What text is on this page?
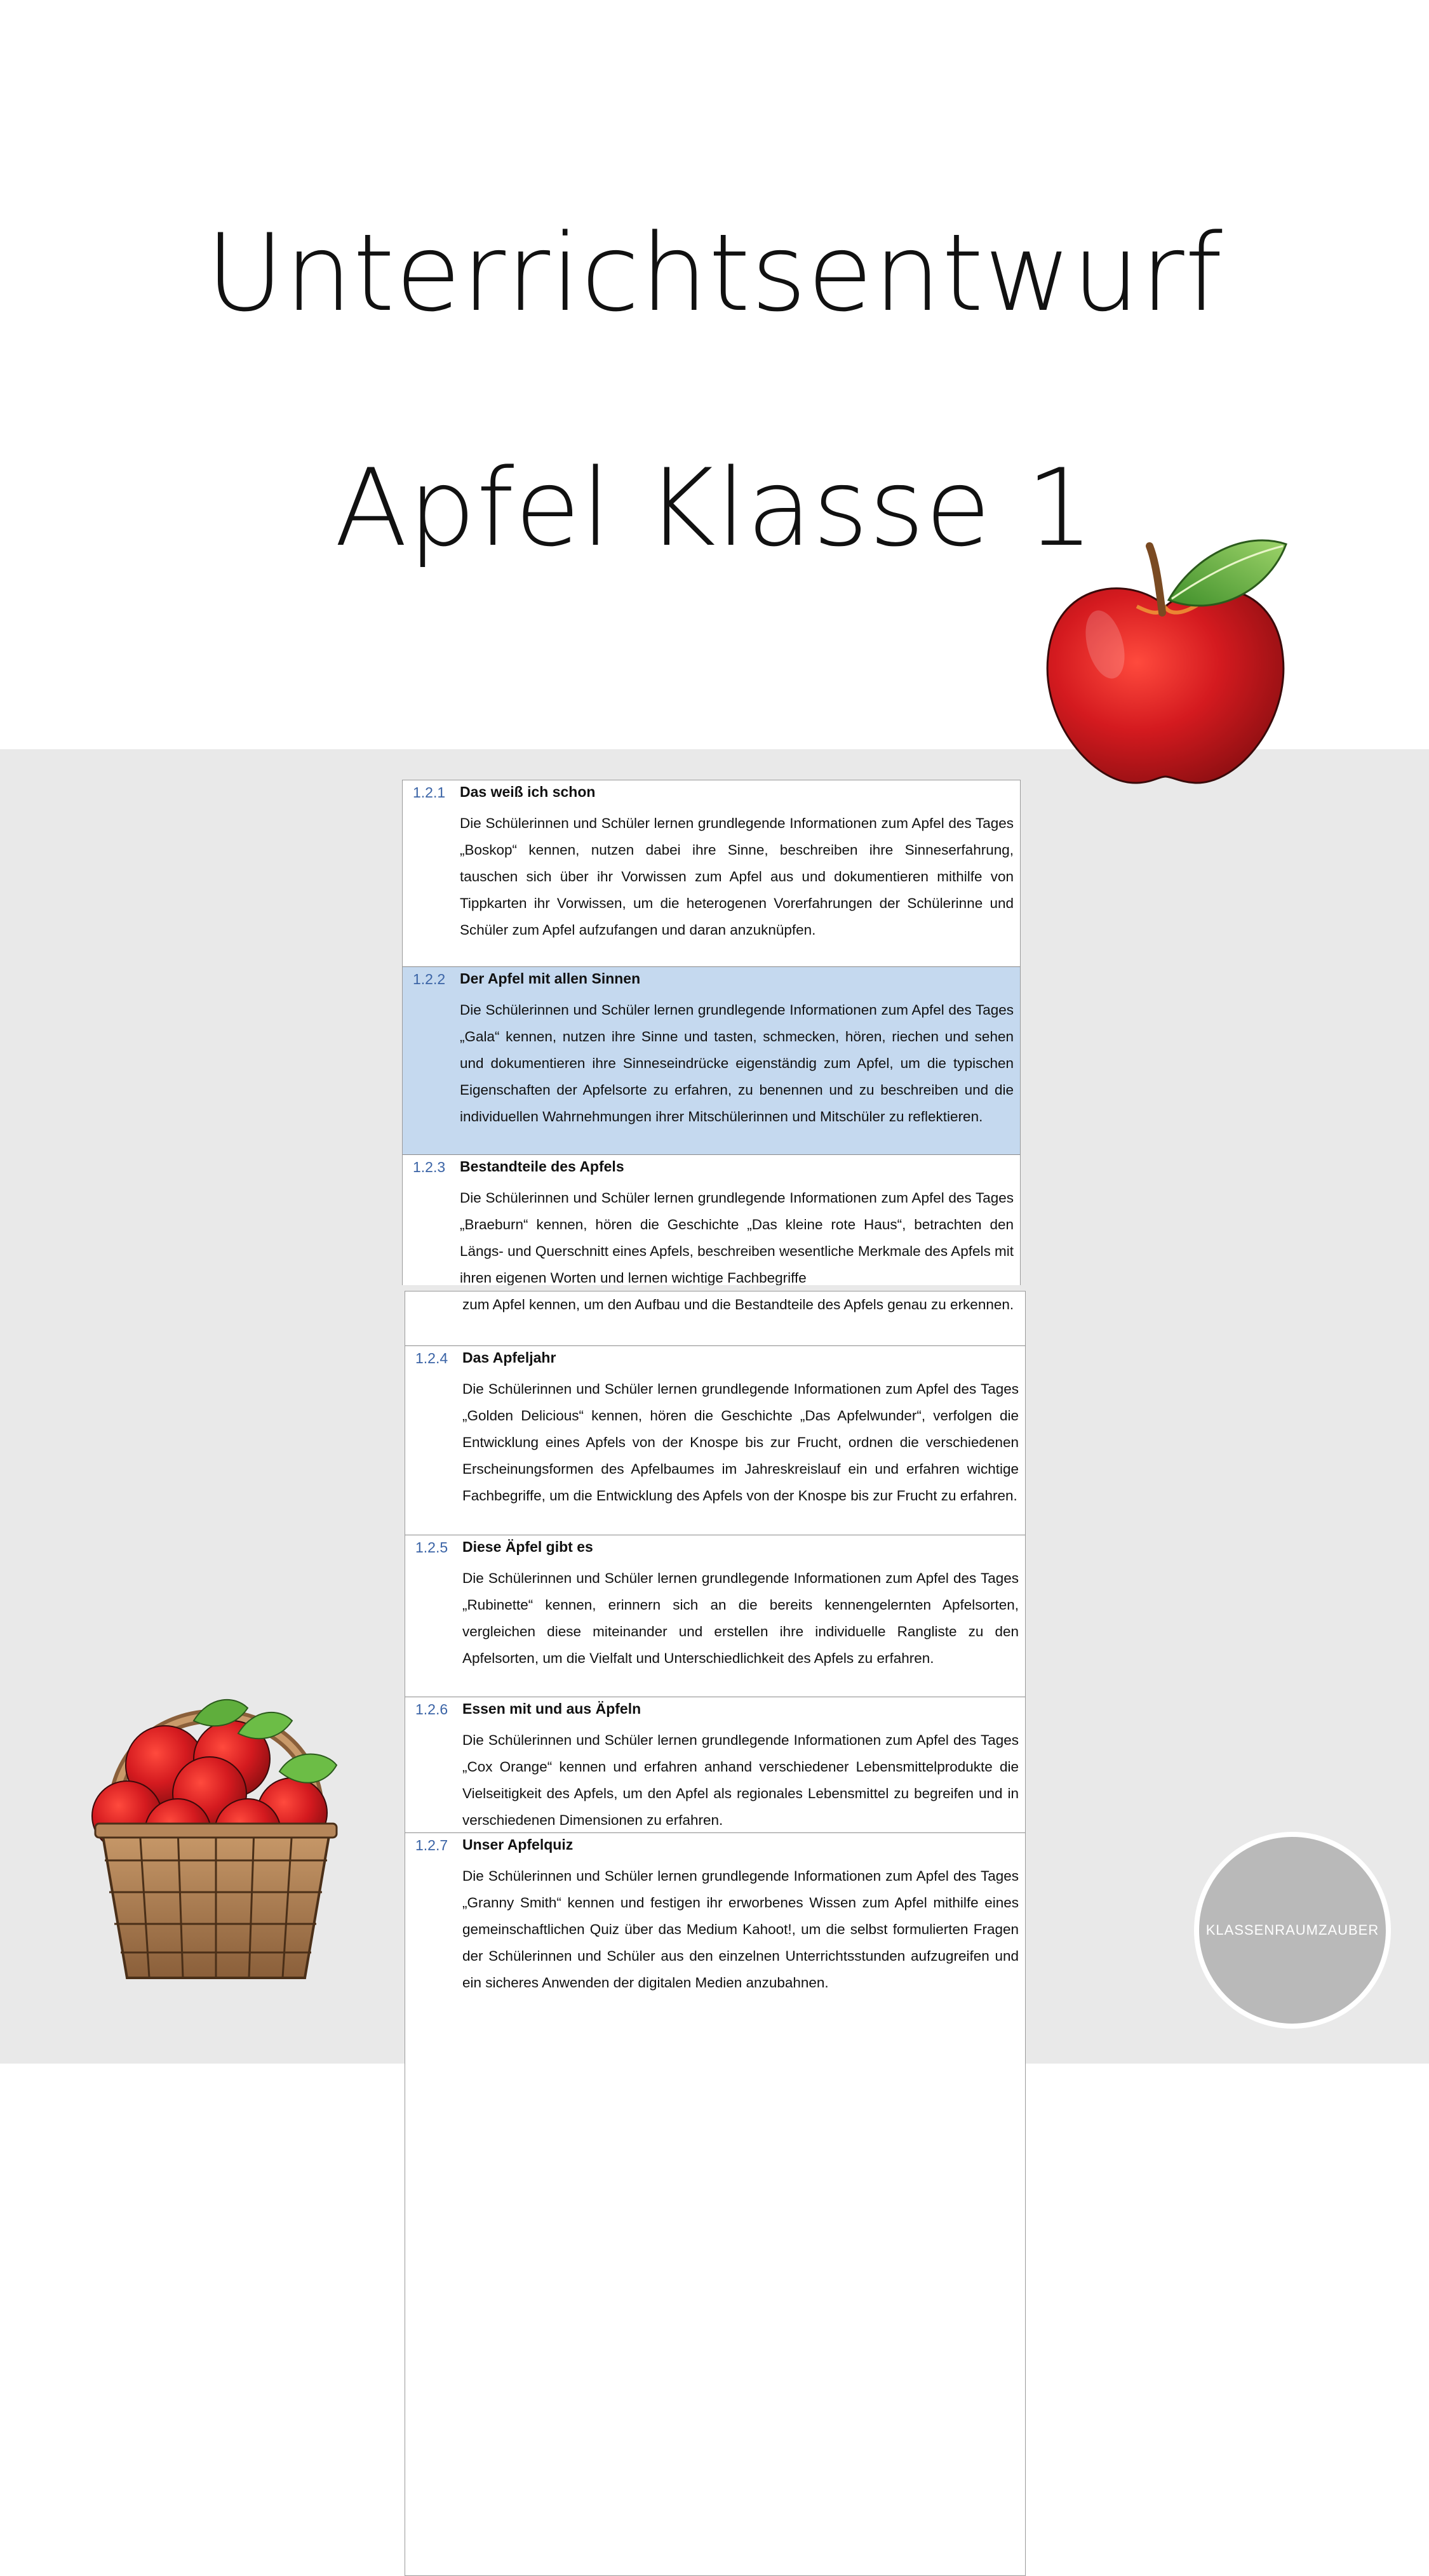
Unterrichtsentwurf
Apfel Klasse 1
1.2.1 Das weiß ich schon
Die Schülerinnen und Schüler lernen grundlegende Informationen zum Apfel des Tages „Boskop“ kennen, nutzen dabei ihre Sinne, beschreiben ihre Sinneserfahrung, tauschen sich über ihr Vorwissen zum Apfel aus und dokumentieren mithilfe von Tippkarten ihr Vorwissen, um die heterogenen Vorerfahrungen der Schülerinne und Schüler zum Apfel aufzufangen und daran anzuknüpfen.
1.2.2 Der Apfel mit allen Sinnen
Die Schülerinnen und Schüler lernen grundlegende Informationen zum Apfel des Tages „Gala“ kennen, nutzen ihre Sinne und tasten, schmecken, hören, riechen und sehen und dokumentieren ihre Sinneseindrücke eigenständig zum Apfel, um die typischen Eigenschaften der Apfelsorte zu erfahren, zu benennen und zu beschreiben und die individuellen Wahrnehmungen ihrer Mitschülerinnen und Mitschüler zu reflektieren.
1.2.3 Bestandteile des Apfels
Die Schülerinnen und Schüler lernen grundlegende Informationen zum Apfel des Tages „Braeburn“ kennen, hören die Geschichte „Das kleine rote Haus“, betrachten den Längs- und Querschnitt eines Apfels, beschreiben wesentliche Merkmale des Apfels mit ihren eigenen Worten und lernen wichtige Fachbegriffe
zum Apfel kennen, um den Aufbau und die Bestandteile des Apfels genau zu erkennen.
1.2.4 Das Apfeljahr
Die Schülerinnen und Schüler lernen grundlegende Informationen zum Apfel des Tages „Golden Delicious“ kennen, hören die Geschichte „Das Apfelwunder“, verfolgen die Entwicklung eines Apfels von der Knospe bis zur Frucht, ordnen die verschiedenen Erscheinungsformen des Apfelbaumes im Jahreskreislauf ein und erfahren wichtige Fachbegriffe, um die Entwicklung des Apfels von der Knospe bis zur Frucht zu erfahren.
1.2.5 Diese Äpfel gibt es
Die Schülerinnen und Schüler lernen grundlegende Informationen zum Apfel des Tages „Rubinette“ kennen, erinnern sich an die bereits kennengelernten Apfelsorten, vergleichen diese miteinander und erstellen ihre individuelle Rangliste zu den Apfelsorten, um die Vielfalt und Unterschiedlichkeit des Apfels zu erfahren.
1.2.6 Essen mit und aus Äpfeln
Die Schülerinnen und Schüler lernen grundlegende Informationen zum Apfel des Tages „Cox Orange“ kennen und erfahren anhand verschiedener Lebensmittelprodukte die Vielseitigkeit des Apfels, um den Apfel als regionales Lebensmittel zu begreifen und in verschiedenen Dimensionen zu erfahren.
1.2.7 Unser Apfelquiz
Die Schülerinnen und Schüler lernen grundlegende Informationen zum Apfel des Tages „Granny Smith“ kennen und festigen ihr erworbenes Wissen zum Apfel mithilfe eines gemeinschaftlichen Quiz über das Medium Kahoot!, um die selbst formulierten Fragen der Schülerinnen und Schüler aus den einzelnen Unterrichtsstunden aufzugreifen und ein sicheres Anwenden der digitalen Medien anzubahnen.
KLASSENRAUMZAUBER
